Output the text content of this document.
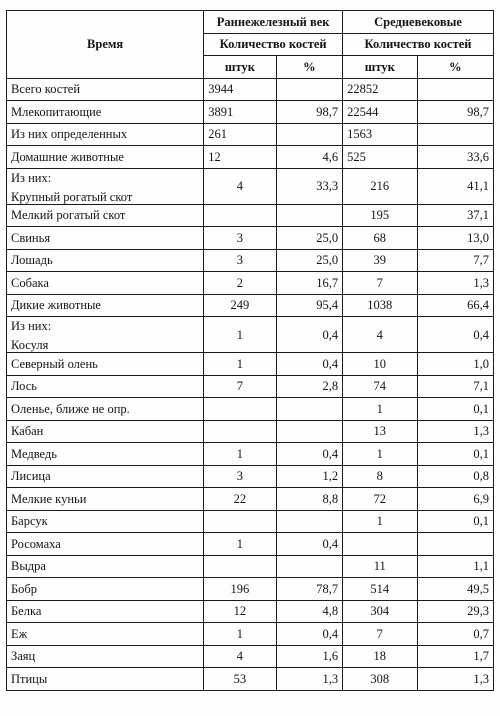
Время	Раннежелезный век		Средневековые	
	Количество костей		Количество костей	
	штук	%	штук	%
Всего костей	3944		22852	
Млекопитающие	3891	98,7	22544	98,7
Из них определенных	261		1563	
Домашние животные	12	4,6	525	33,6

Из них:
Крупный рогатый скот	4	33,3	216	41,1
Мелкий рогатый скот			195	37,1
Свинья	3	25,0	68	13,0
Лошадь	3	25,0	39	7,7
Собака	2	16,7	7	1,3
Дикие животные	249	95,4	1038	66,4

Из них:
Косуля	1	0,4	4	0,4
Северный олень	1	0,4	10	1,0
Лось	7	2,8	74	7,1
Оленье, ближе не опр.			1	0,1
Кабан			13	1,3
Медведь	1	0,4	1	0,1
Лисица	3	1,2	8	0,8
Мелкие куньи	22	8,8	72	6,9
Барсук			1	0,1
Росомаха	1	0,4		
Выдра			11	1,1
Бобр	196	78,7	514	49,5
Белка	12	4,8	304	29,3
Еж	1	0,4	7	0,7
Заяц	4	1,6	18	1,7
Птицы	53	1,3	308	1,3
